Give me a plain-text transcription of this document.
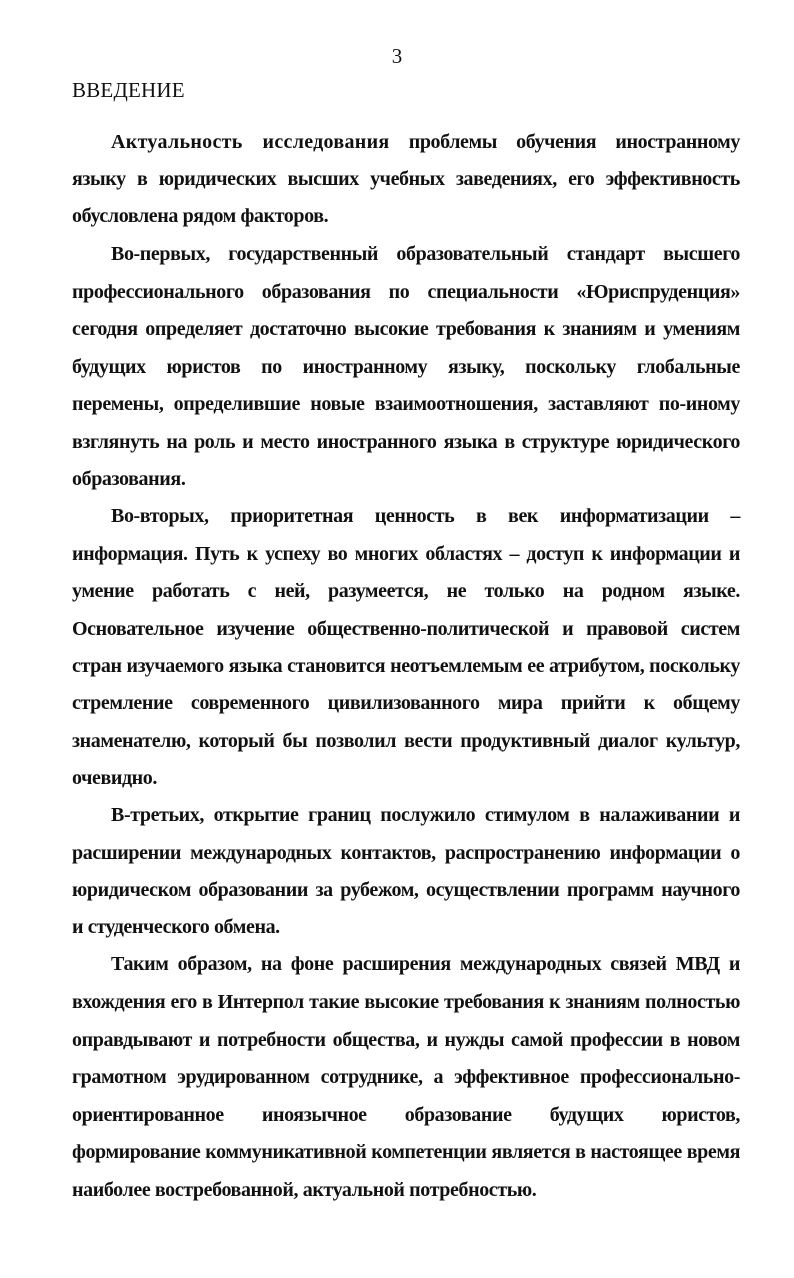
3
ВВЕДЕНИЕ
Актуальность исследования проблемы обучения иностранному
языку в юридических высших учебных заведениях, его эффективность
обусловлена рядом факторов.
Во-первых, государственный образовательный стандарт высшего
профессионального образования по специальности «Юриспруденция»
сегодня определяет достаточно высокие требования к знаниям и умениям
будущих юристов по иностранному языку, поскольку глобальные
перемены, определившие новые взаимоотношения, заставляют по-иному
взглянуть на роль и место иностранного языка в структуре юридического
образования.
Во-вторых, приоритетная ценность в век информатизации –
информация. Путь к успеху во многих областях – доступ к информации и
умение работать с ней, разумеется, не только на родном языке.
Основательное изучение общественно-политической и правовой систем
стран изучаемого языка становится неотъемлемым ее атрибутом, поскольку
стремление современного цивилизованного мира прийти к общему
знаменателю, который бы позволил вести продуктивный диалог культур,
очевидно.
В-третьих, открытие границ послужило стимулом в налаживании и
расширении международных контактов, распространению информации о
юридическом образовании за рубежом, осуществлении программ научного
и студенческого обмена.
Таким образом, на фоне расширения международных связей МВД и
вхождения его в Интерпол такие высокие требования к знаниям полностью
оправдывают и потребности общества, и нужды самой профессии в новом
грамотном эрудированном сотруднике, а эффективное профессионально-
ориентированное иноязычное образование будущих юристов,
формирование коммуникативной компетенции является в настоящее время
наиболее востребованной, актуальной потребностью.
